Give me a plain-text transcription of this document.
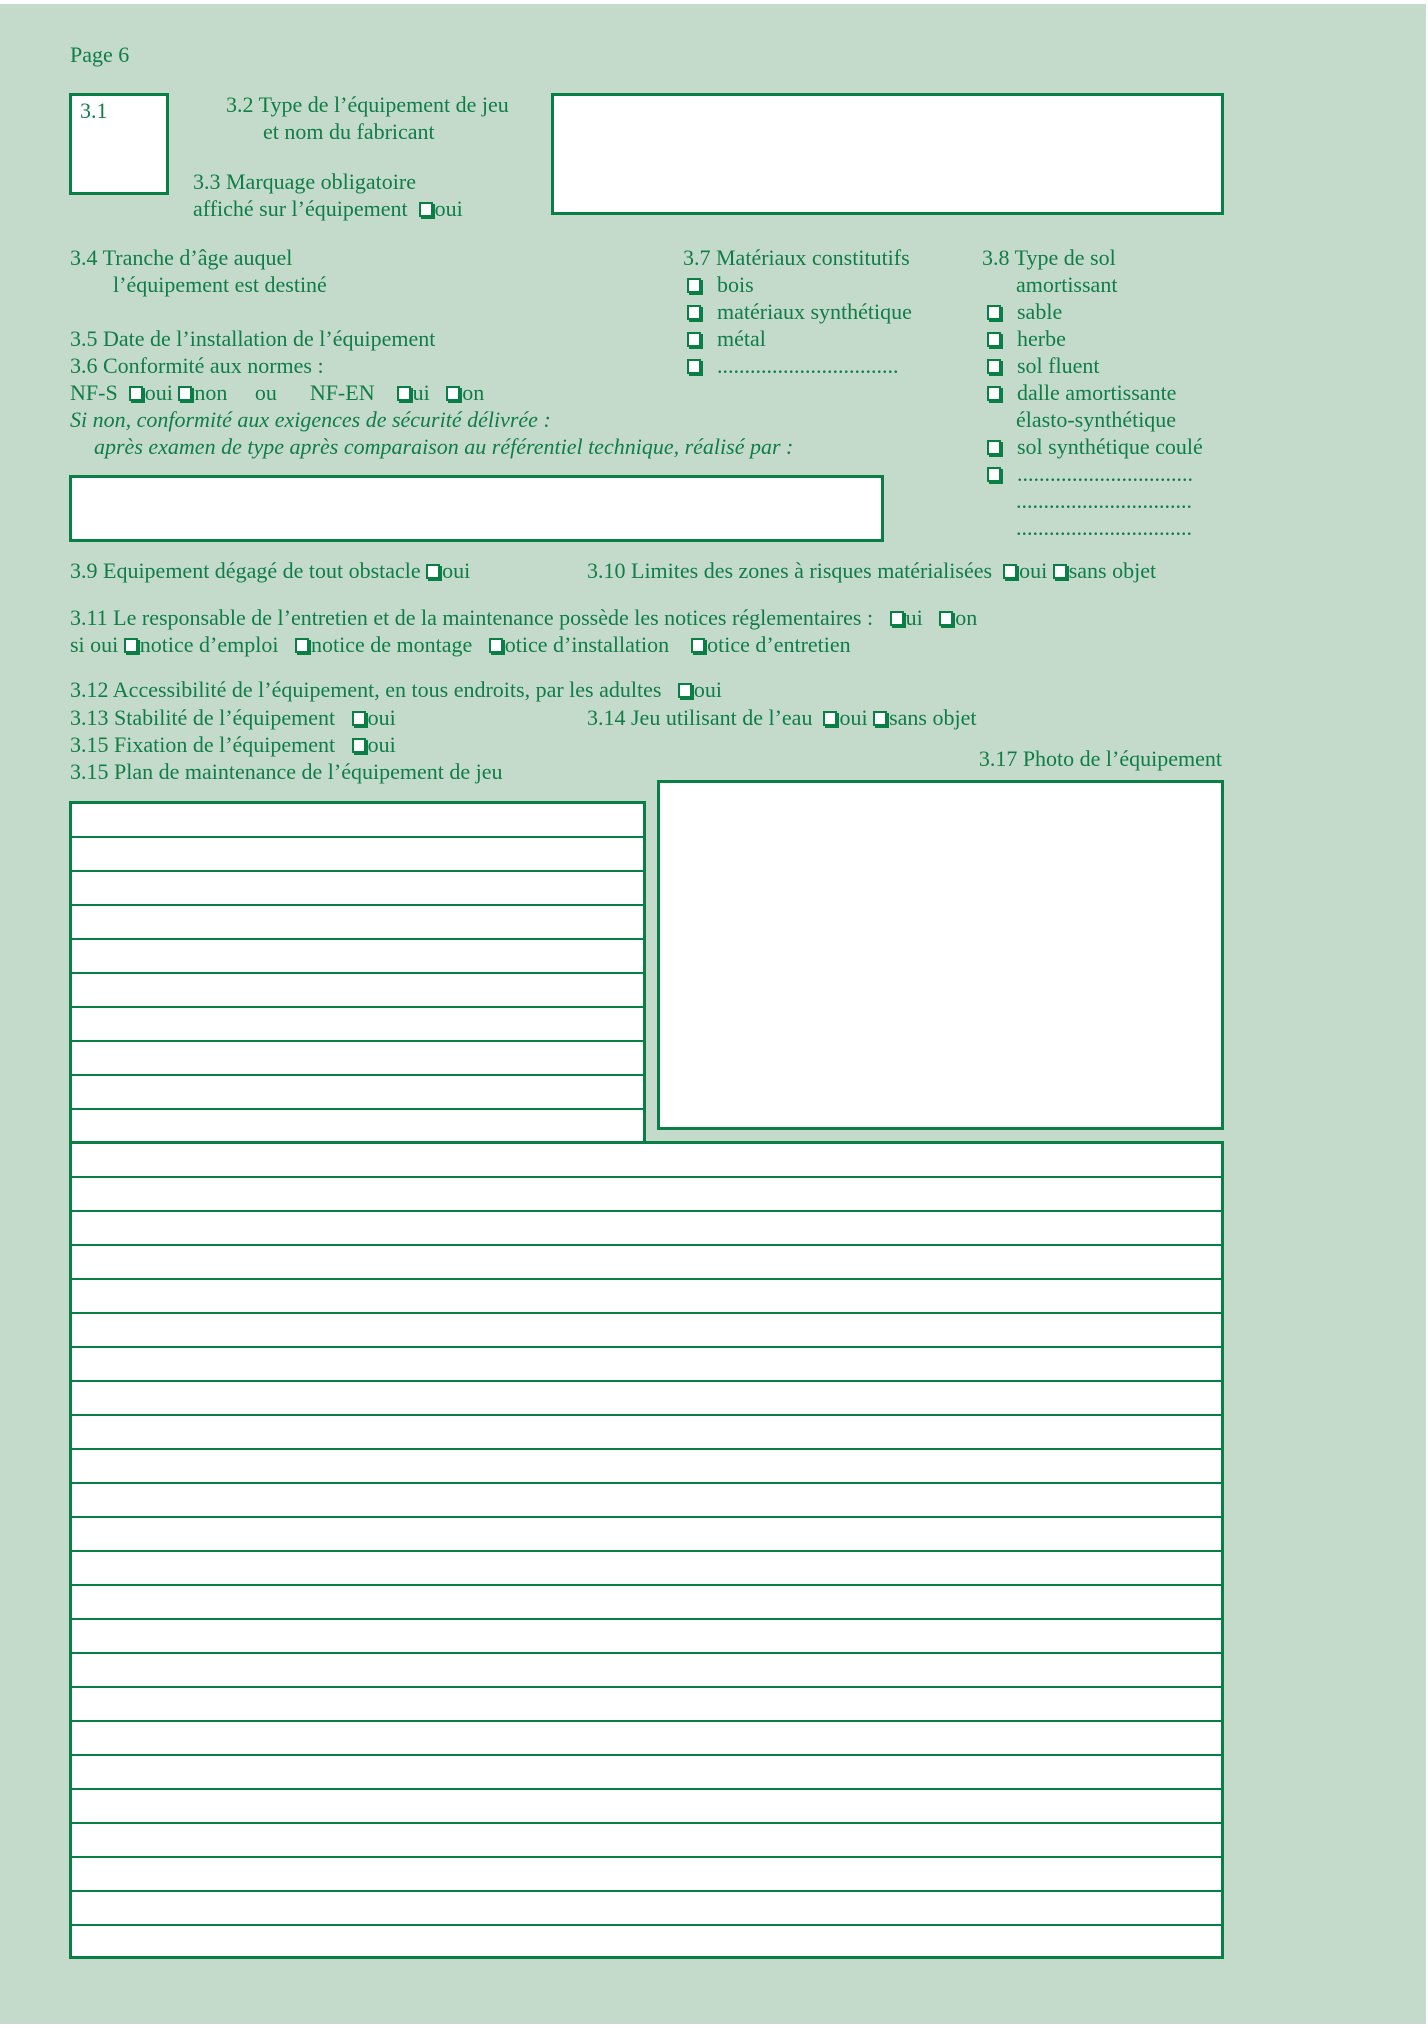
Page 6
3.1	3.2 Type de l’équipement de jeu
et nom du fabricant
3.3 Marquage obligatoire
affiché sur l’équipement oui
3.4 Tranche d’âge auquel
l’équipement est destiné
3.5 Date de l’installation de l’équipement
3.6 Conformité aux normes :
NF-S oui non ou NF-EN ui on
Si non, conformité aux exigences de sécurité délivrée :
après examen de type après comparaison au référentiel technique, réalisé par :
3.7 Matériaux constitutifs
bois
matériaux synthétique
métal
.................................
3.8 Type de sol
amortissant
sable
herbe
sol fluent
dalle amortissante
sol synthétique coulé
................................
élasto-synthétique
................................
................................
3.9 Equipement dégagé de tout obstacle oui	3.10 Limites des zones à risques matérialisées oui sans objet
3.11 Le responsable de l’entretien et de la maintenance possède les notices réglementaires : ui on
si oui notice d’emploi notice de montage otice d’installation otice d’entretien
3.12 Accessibilité de l’équipement, en tous endroits, par les adultes oui
3.13 Stabilité de l’équipement oui	3.14 Jeu utilisant de l’eau oui sans objet
3.15 Fixation de l’équipement oui
3.15 Plan de maintenance de l’équipement de jeu
3.17 Photo de l’équipement
